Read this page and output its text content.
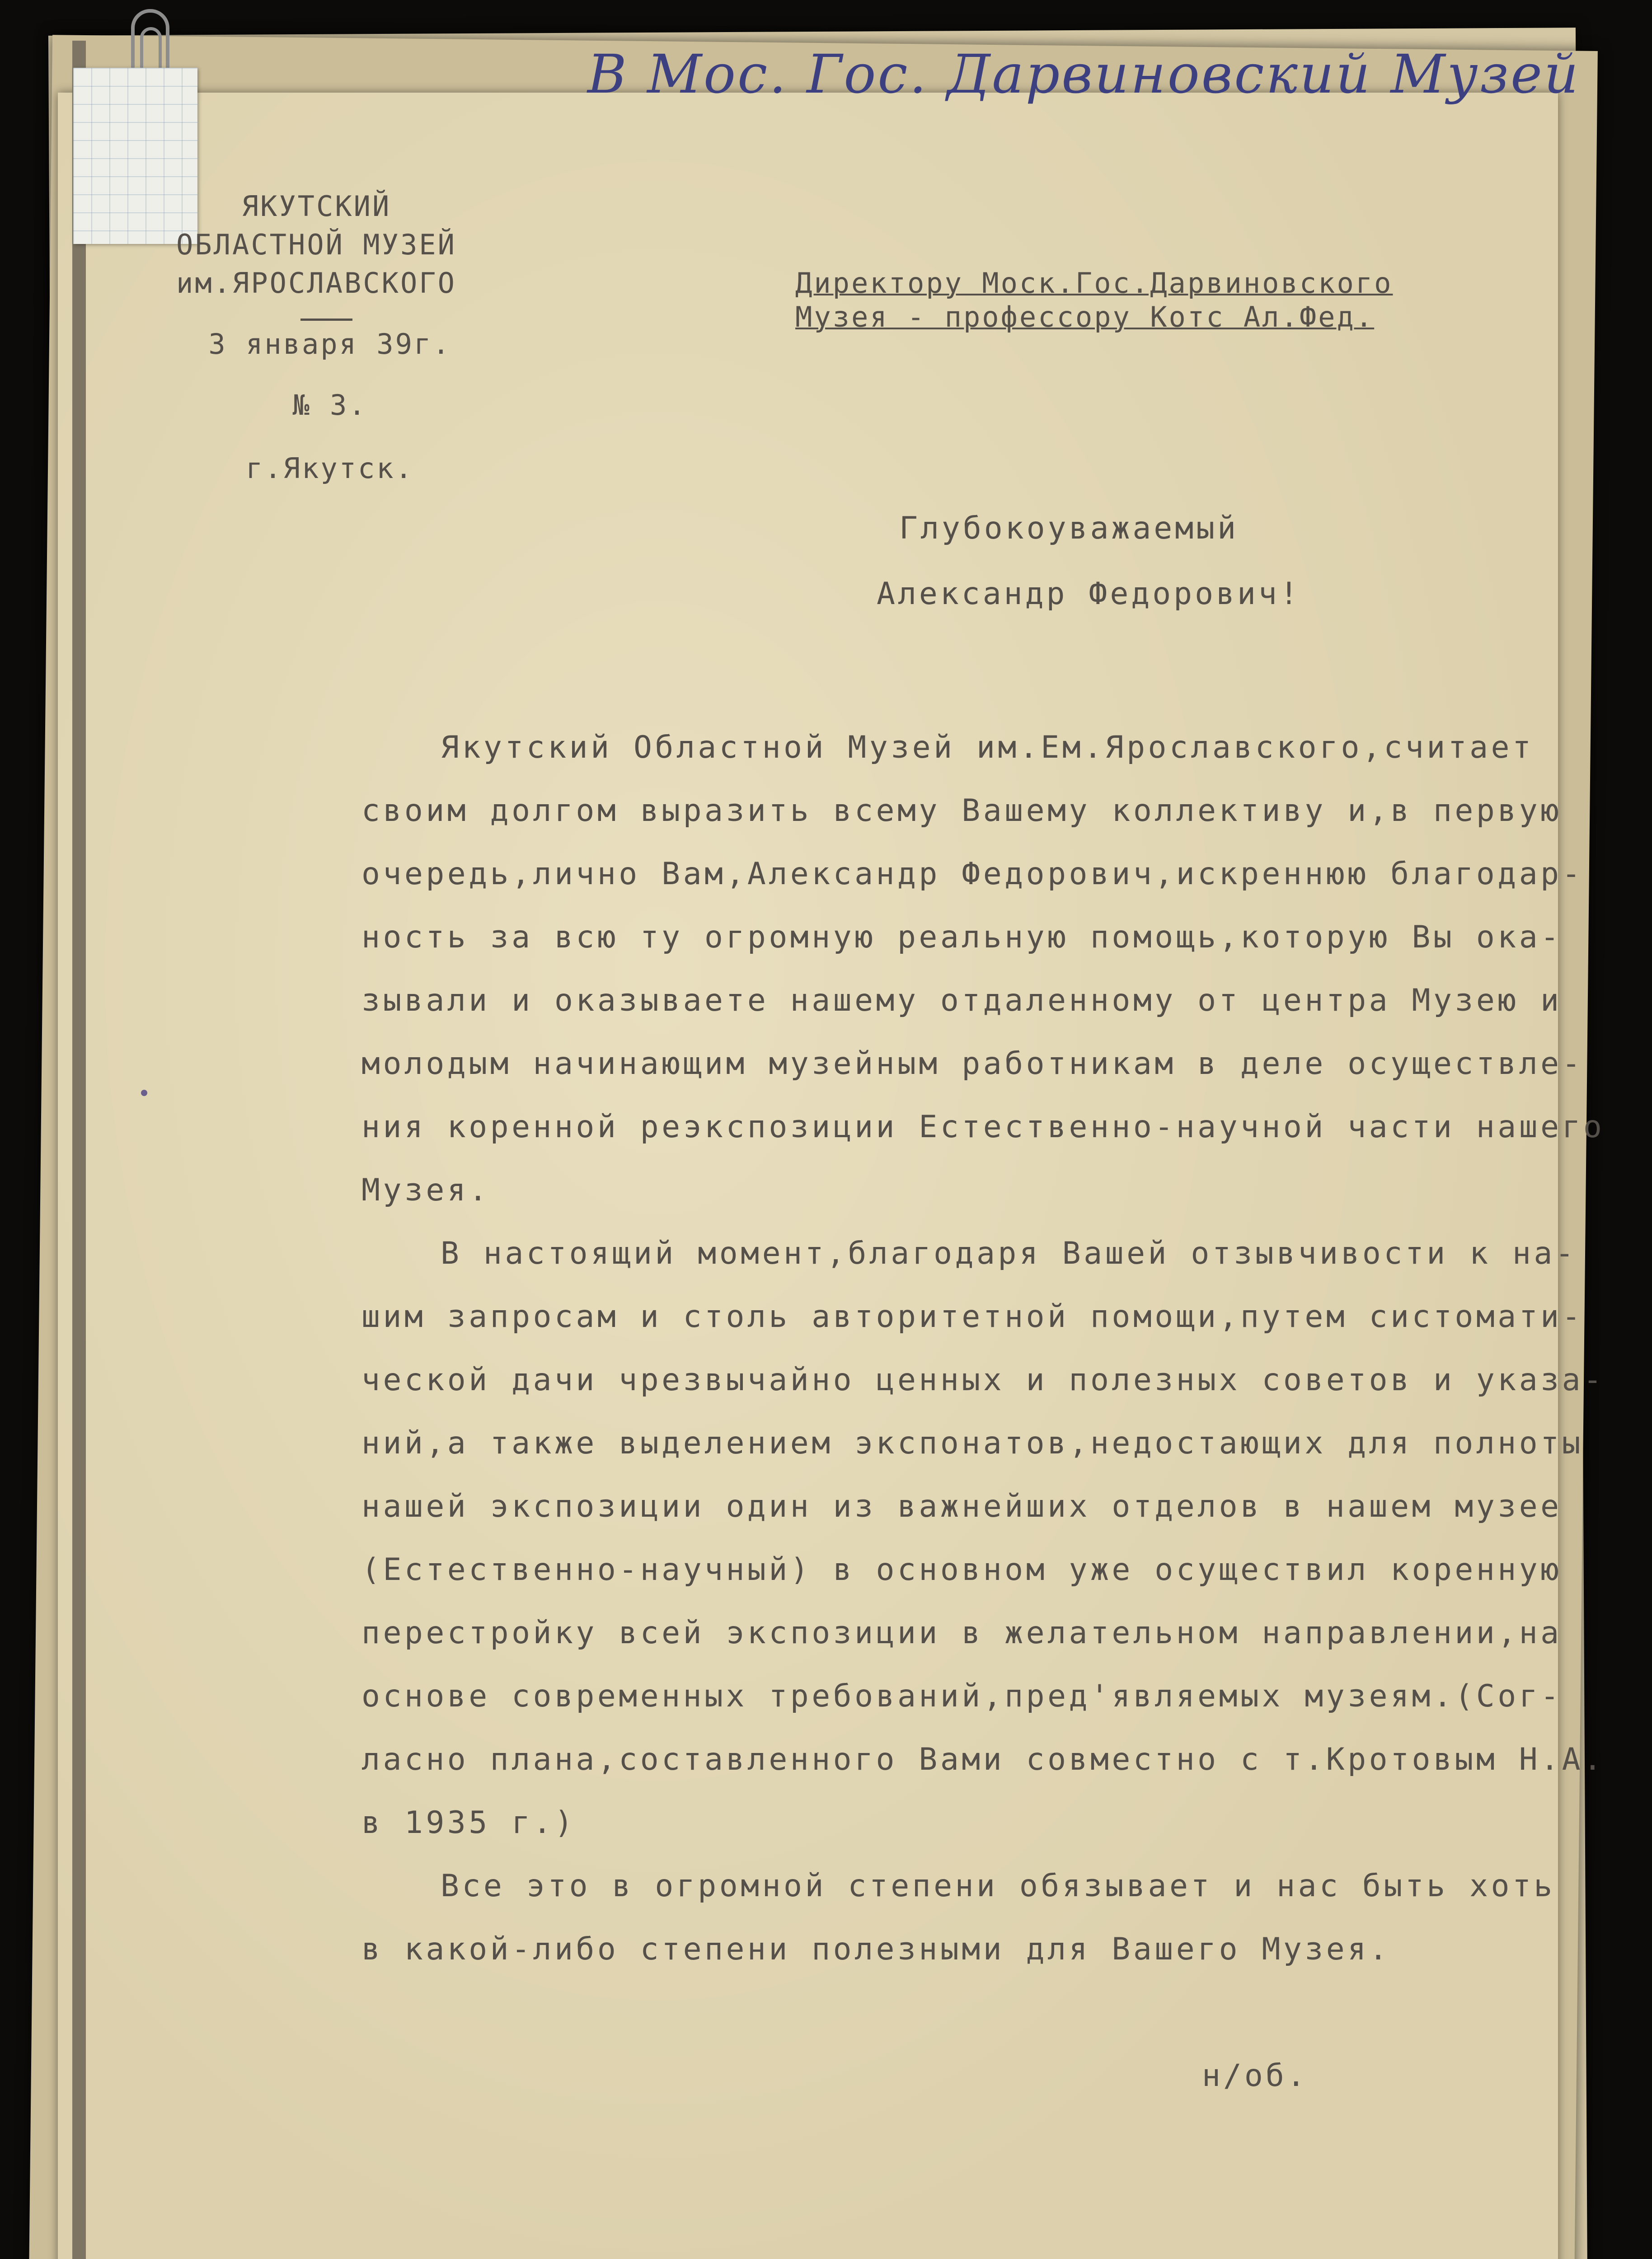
В Мос. Гос. Дарвиновский Музей

ЯКУТСКИЙ

ОБЛАСТНОЙ МУЗЕЙ

им.ЯРОСЛАВСКОГО

3 января 39г.

№ 3.

г.Якутск.

Директору Моск.Гос.Дарвиновского

Музея - профессору Котс Ал.Фед.

Глубокоуважаемый

Александр Федорович!

Якутский Областной Музей им.Ем.Ярославского,считает

своим долгом выразить всему Вашему коллективу и,в первую

очередь,лично Вам,Александр Федорович,искреннюю благодар-

ность за всю ту огромную реальную помощь,которую Вы ока-

зывали и оказываете нашему отдаленному от центра Музею и

молодым начинающим музейным работникам в деле осуществле-

ния коренной реэкспозиции Естественно-научной части нашего

Музея.

В настоящий момент,благодаря Вашей отзывчивости к на-

шим запросам и столь авторитетной помощи,путем систомати-

ческой дачи чрезвычайно ценных и полезных советов и указа-

ний,а также выделением экспонатов,недостающих для полноты

нашей экспозиции один из важнейших отделов в нашем музее

(Естественно-научный) в основном уже осуществил коренную

перестройку всей экспозиции в желательном направлении,на

основе современных требований,пред'являемых музеям.(Сог-

ласно плана,составленного Вами совместно с т.Кротовым Н.А.

в 1935 г.)

Все это в огромной степени обязывает и нас быть хоть

в какой-либо степени полезными для Вашего Музея.

н/об.
